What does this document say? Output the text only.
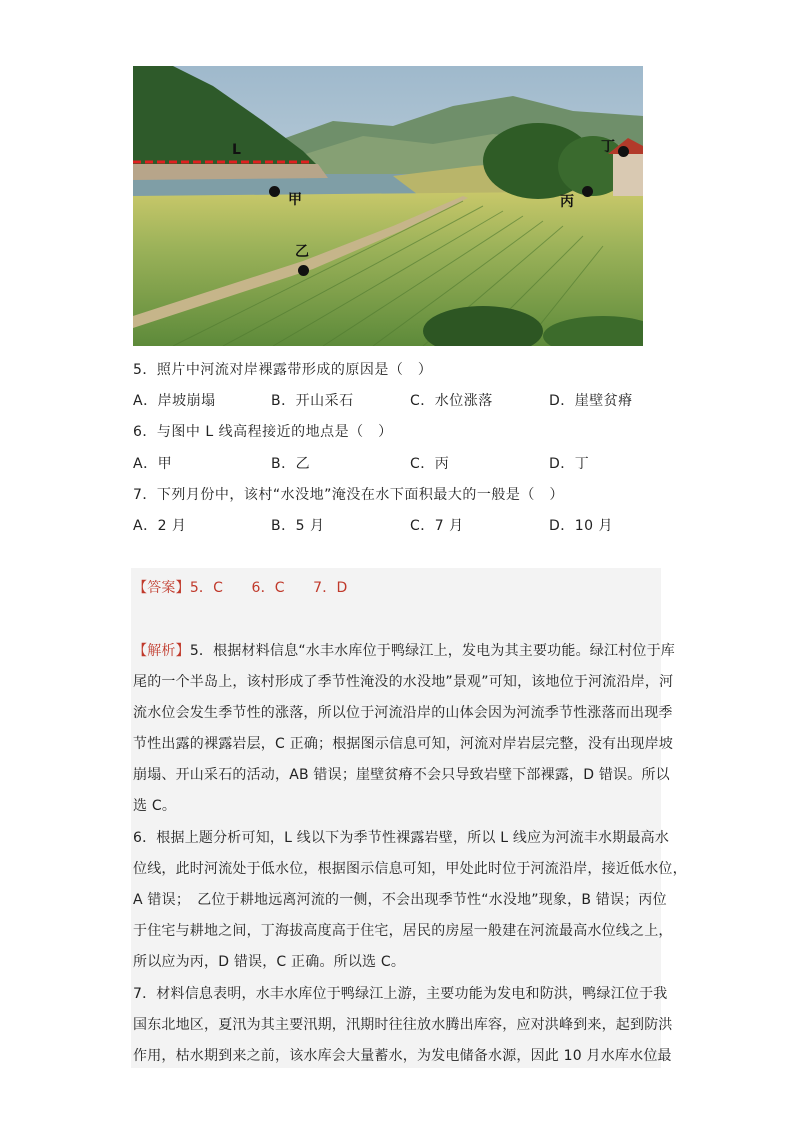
L
甲
乙
丙
丁
5．照片中河流对岸裸露带形成的原因是（　）
A．岸坡崩塌	B．开山采石	C．水位涨落	D．崖壁贫瘠
6．与图中 L 线高程接近的地点是（　）
A．甲	B．乙	C．丙	D．丁
7．下列月份中，该村“水没地”淹没在水下面积最大的一般是（　）
A．2 月	B．5 月	C．7 月	D．10 月
【答案】5．C　　6．C　　7．D
【解析】5．根据材料信息“水丰水库位于鸭绿江上，发电为其主要功能。绿江村位于库
尾的一个半岛上，该村形成了季节性淹没的水没地”景观”可知，该地位于河流沿岸，河
流水位会发生季节性的涨落，所以位于河流沿岸的山体会因为河流季节性涨落而出现季
节性出露的裸露岩层，C 正确；根据图示信息可知，河流对岸岩层完整，没有出现岸坡
崩塌、开山采石的活动，AB 错误；崖壁贫瘠不会只导致岩壁下部裸露，D 错误。所以
选 C。
6．根据上题分析可知，L 线以下为季节性裸露岩壁，所以 L 线应为河流丰水期最高水
位线，此时河流处于低水位，根据图示信息可知，甲处此时位于河流沿岸，接近低水位，
A 错误；　乙位于耕地远离河流的一侧，不会出现季节性“水没地”现象，B 错误；丙位
于住宅与耕地之间，丁海拔高度高于住宅，居民的房屋一般建在河流最高水位线之上，
所以应为丙，D 错误，C 正确。所以选 C。
7．材料信息表明，水丰水库位于鸭绿江上游，主要功能为发电和防洪，鸭绿江位于我
国东北地区，夏汛为其主要汛期，汛期时往往放水腾出库容，应对洪峰到来，起到防洪
作用，枯水期到来之前，该水库会大量蓄水，为发电储备水源，因此 10 月水库水位最
